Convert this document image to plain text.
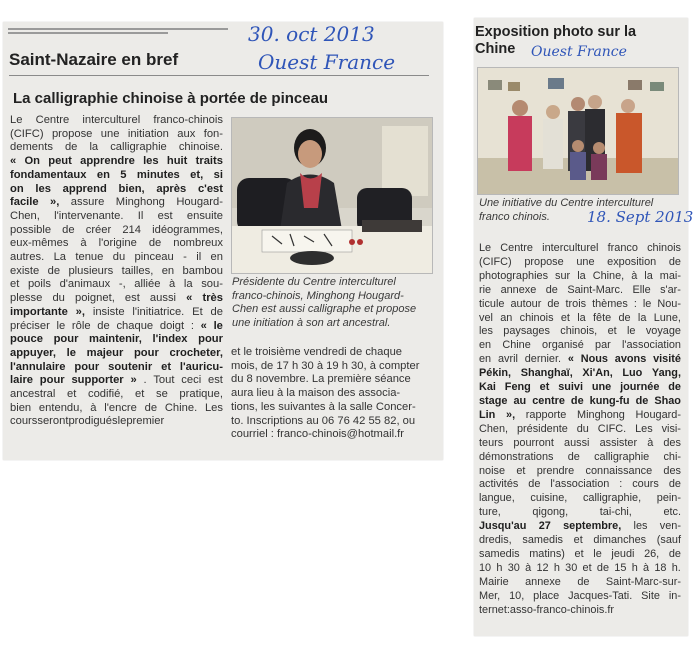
30. oct 2013
Ouest France
Saint-Nazaire en bref
La calligraphie chinoise à portée de pinceau
Le Centre interculturel franco-chinois
(CIFC) propose une initiation aux fon-
dements de la calligraphie chinoise.
« On peut apprendre les huit traits
fondamentaux en 5 minutes et, si
on les apprend bien, après c'est
facile », assure Minghong Hougard-
Chen, l'intervenante. Il est ensuite
possible de créer 214 idéogrammes,
eux-mêmes à l'origine de nombreux
autres. La tenue du pinceau - il en
existe de plusieurs tailles, en bambou
et poils d'animaux -, alliée à la sou-
plesse du poignet, est aussi « très
importante », insiste l'initiatrice. Et de
préciser le rôle de chaque doigt : « le
pouce pour maintenir, l'index pour
appuyer, le majeur pour crocheter,
l'annulaire pour soutenir et l'auricu-
laire pour supporter » . Tout ceci est
ancestral et codifié, et se pratique,
bien entendu, à l'encre de Chine. Les
coursserontprodiguéslepremier
Présidente du Centre interculturel
franco-chinois, Minghong Hougard-
Chen est aussi calligraphe et propose
une initiation à son art ancestral.
et le troisième vendredi de chaque
mois, de 17 h 30 à 19 h 30, à compter
du 8 novembre. La première séance
aura lieu à la maison des associa-
tions, les suivantes à la salle Concer-
to. Inscriptions au 06 76 42 55 82, ou
courriel : franco-chinois@hotmail.fr
Exposition photo sur la
Chine	Ouest France
Une initiative du Centre interculturel
franco chinois.	18. Sept 2013
Le Centre interculturel franco chinois
(CIFC) propose une exposition de
photographies sur la Chine, à la mai-
rie annexe de Saint-Marc. Elle s'ar-
ticule autour de trois thèmes : le Nou-
vel an chinois et la fête de la Lune,
les paysages chinois, et le voyage
en Chine organisé par l'association
en avril dernier. « Nous avons visité
Pékin, Shanghaï, Xi'An, Luo Yang,
Kai Feng et suivi une journée de
stage au centre de kung-fu de Shao
Lin », rapporte Minghong Hougard-
Chen, présidente du CIFC. Les visi-
teurs pourront aussi assister à des
démonstrations de calligraphie chi-
noise et prendre connaissance des
activités de l'association : cours de
langue, cuisine, calligraphie, pein-
ture,	qigong,	tai-chi,	etc.
Jusqu'au 27 septembre, les ven-
dredis, samedis et dimanches (sauf
samedis matins) et le jeudi 26, de
10 h 30 à 12 h 30 et de 15 h à 18 h.
Mairie annexe de Saint-Marc-sur-
Mer, 10, place Jacques-Tati. Site in-
ternet:asso-franco-chinois.fr
